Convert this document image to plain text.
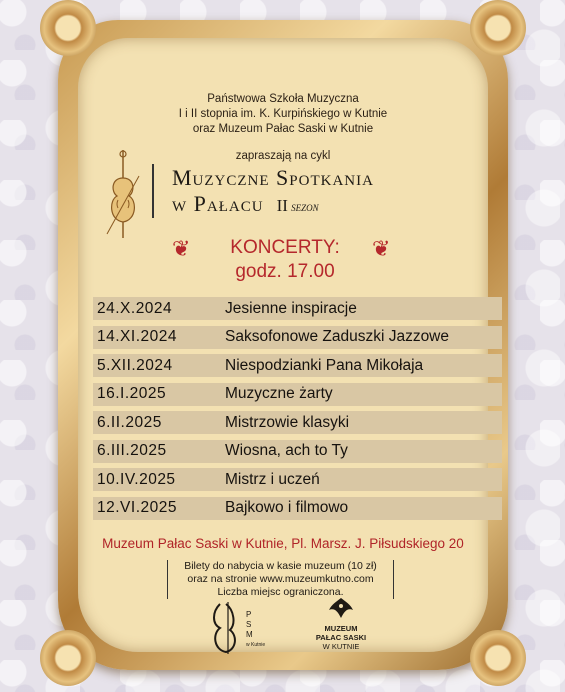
Państwowa Szkoła Muzyczna
I i II stopnia im. K. Kurpińskiego w Kutnie
oraz Muzeum Pałac Saski w Kutnie
zapraszają na cykl
Muzyczne Spotkania
w Pałacu II sezon
❦	❦
KONCERTY:
godz. 17.00
24.X.2024	Jesienne inspiracje
14.XI.2024	Saksofonowe Zaduszki Jazzowe
5.XII.2024	Niespodzianki Pana Mikołaja
16.I.2025	Muzyczne żarty
6.II.2025	Mistrzowie klasyki
6.III.2025	Wiosna, ach to Ty
10.IV.2025	Mistrz i uczeń
12.VI.2025	Bajkowo i filmowo
Muzeum Pałac Saski w Kutnie, Pl. Marsz. J. Piłsudskiego 20
Bilety do nabycia w kasie muzeum (10 zł)
oraz na stronie www.muzeumkutno.com
Liczba miejsc ograniczona.
P
S
M
w Kutnie
MUZEUM
PAŁAC SASKI
W KUTNIE
